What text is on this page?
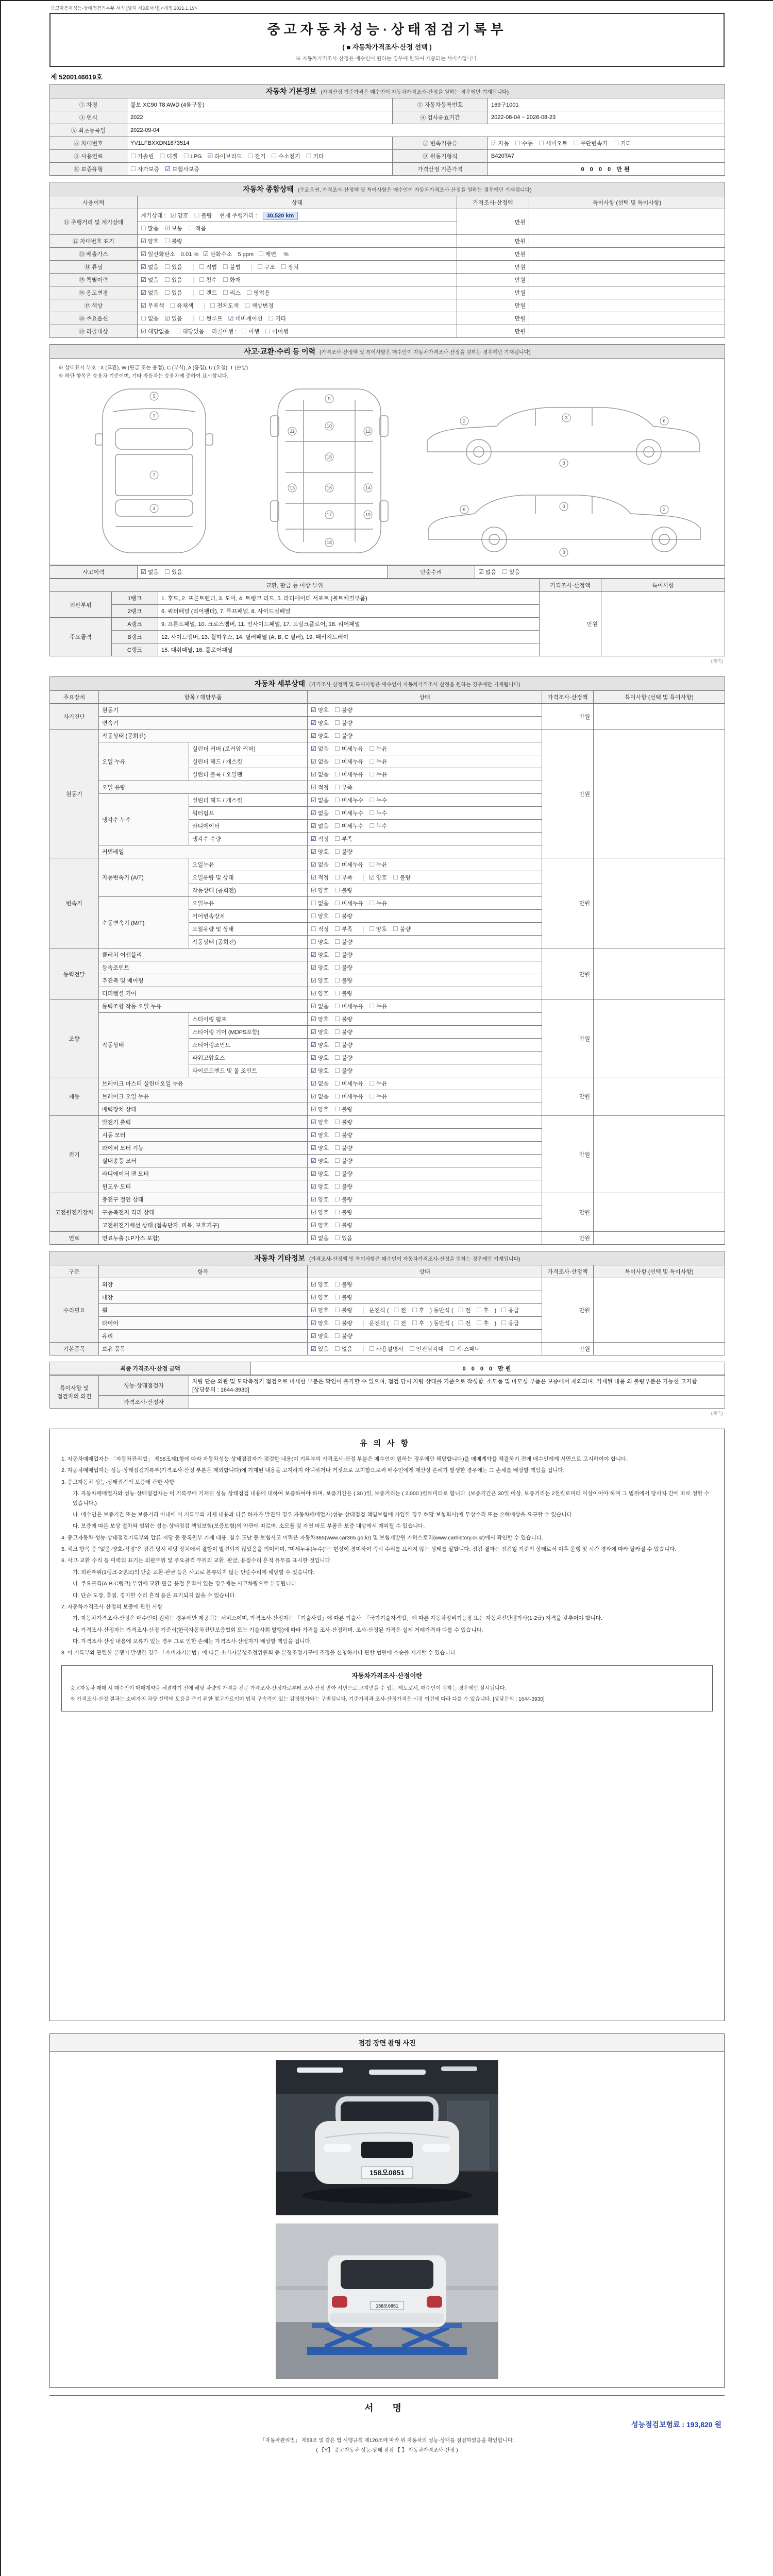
중고자동차성능·상태점검기록부 서식 [별지 제3호서식] <개정 2021.1.19>
중고자동차성능·상태점검기록부
( ■ 자동차가격조사·산정 선택 )
※ 자동차가격조사·산정은 매수인이 원하는 경우에 한하여 제공되는 서비스입니다.
제 5200146619호
자동차 기본정보 (가격산정 기준가격은 매수인이 자동차가격조사·산정을 원하는 경우에만 기재됩니다)			
① 차명	볼보 XC90 T8 AWD (4륜구동)	② 자동차등록번호	169구1001
③ 연식	2022	④ 검사유효기간	2022-08-04 ~ 2026-08-23
⑤ 최초등록일	2022-09-04		
⑥ 차대번호	YV1LFBXXDN1873514	⑦ 변속기종류	☑ 자동 ☐ 수동 ☐ 세미오토 ☐ 무단변속기 ☐ 기타
⑧ 사용연료	☐ 가솔린 ☐ 디젤 ☐ LPG ☑ 하이브리드 ☐ 전기 ☐ 수소전기 ☐ 기타	⑨ 원동기형식	B420TA7
⑩ 보증유형	☐ 자가보증 ☑ 보험사보증	가격산정 기준가격	0 0 0 0 만원
자동차 종합상태 (주요옵션, 가격조사·산정액 및 특이사항은 매수인이 자동차가격조사·산정을 원하는 경우에만 기재됩니다)			
사용이력	상태	가격조사·산정액	특이사항 (선택 및 특이사항)
⑪ 주행거리 및 계기상태	계기상태 : ☑ 양호 ☐ 불량 현재 주행거리 : 30,520 km	만원	
	☐ 많음 ☑ 보통 ☐ 적음		
⑫ 차대번호 표기	☑ 양호 ☐ 불량	만원	
⑬ 배출가스	☑ 일산화탄소 0.01 % ☑ 탄화수소 5 ppm ☐ 매연 %	만원	
⑭ 튜닝	☑ 없음 ☐ 있음 │ ☐ 적법 ☐ 불법 │ ☐ 구조 ☐ 장치	만원	
⑮ 특별이력	☑ 없음 ☐ 있음 │ ☐ 침수 ☐ 화재	만원	
⑯ 용도변경	☑ 없음 ☐ 있음 │ ☐ 렌트 ☐ 리스 ☐ 영업용	만원	
⑰ 색상	☑ 무채색 ☐ 유채색 │ ☐ 전체도색 ☐ 색상변경	만원	
⑱ 주요옵션	☐ 없음 ☑ 있음 │ ☐ 썬루프 ☑ 네비게이션 ☐ 기타	만원	
⑲ 리콜대상	☑ 해당없음 ☐ 해당있음 리콜이행 : ☐ 이행 ☐ 미이행	만원	
사고·교환·수리 등 이력 (가격조사·산정액 및 특이사항은 매수인이 자동차가격조사·산정을 원하는 경우에만 기재됩니다)
※ 상태표시 부호 : X (교환), W (판금 또는 용접), C (부식), A (흠집), U (요철), T (손상)
※ 하단 항목은 승용차 기준이며, 기타 자동차는 승용차에 준하여 표시합니다.
5
1
7
4
9
10
11
15
12
13	16	14
17	19
18
2
3
6
8
6
3
2
8
사고이력	☑ 없음 ☐ 있음	단순수리	☑ 없음 ☐ 있음
교환, 판금 등 이상 부위			가격조사·산정액	특이사항
외판부위	1랭크	1. 후드, 2. 프론트펜더, 3. 도어, 4. 트렁크 리드, 5. 라디에이터 서포트 (볼트체결부품)	만원	
	2랭크	6. 쿼터패널 (리어펜더), 7. 루프패널, 8. 사이드실패널		
주요골격	A랭크	9. 프론트패널, 10. 크로스멤버, 11. 인사이드패널, 17. 트렁크플로어, 18. 리어패널		
	B랭크	12. 사이드멤버, 13. 휠하우스, 14. 필러패널 (A, B, C 필러), 19. 패키지트레이		
	C랭크	15. 대쉬패널, 16. 플로어패널		
(계속)
자동차 세부상태 (가격조사·산정액 및 특이사항은 매수인이 자동차가격조사·산정을 원하는 경우에만 기재됩니다)					
주요장치	항목 / 해당부품		상태	가격조사·산정액	특이사항 (선택 및 특이사항)
자기진단	원동기		☑ 양호 ☐ 불량	만원	
	변속기		☑ 양호 ☐ 불량		
원동기	작동상태 (공회전)		☑ 양호 ☐ 불량	만원	
	오일 누유	실린더 커버 (로커암 커버)	☑ 없음 ☐ 미세누유 ☐ 누유		
		실린더 헤드 / 개스킷	☑ 없음 ☐ 미세누유 ☐ 누유		
		실린더 블록 / 오일팬	☑ 없음 ☐ 미세누유 ☐ 누유		
	오일 유량		☑ 적정 ☐ 부족		
	냉각수 누수	실린더 헤드 / 개스킷	☑ 없음 ☐ 미세누수 ☐ 누수		
		워터펌프	☑ 없음 ☐ 미세누수 ☐ 누수		
		라디에이터	☑ 없음 ☐ 미세누수 ☐ 누수		
		냉각수 수량	☑ 적정 ☐ 부족		
	커먼레일		☑ 양호 ☐ 불량		
변속기	자동변속기 (A/T)	오일누유	☑ 없음 ☐ 미세누유 ☐ 누유	만원	
		오일유량 및 상태	☑ 적정 ☐ 부족 │ ☑ 양호 ☐ 불량		
		작동상태 (공회전)	☑ 양호 ☐ 불량		
	수동변속기 (M/T)	오일누유	☐ 없음 ☐ 미세누유 ☐ 누유		
		기어변속장치	☐ 양호 ☐ 불량		
		오일유량 및 상태	☐ 적정 ☐ 부족 │ ☐ 양호 ☐ 불량		
		작동상태 (공회전)	☐ 양호 ☐ 불량		
동력전달	클러치 어셈블리		☑ 양호 ☐ 불량	만원	
	등속조인트		☑ 양호 ☐ 불량		
	추진축 및 베어링		☑ 양호 ☐ 불량		
	디퍼렌셜 기어		☑ 양호 ☐ 불량		
조향	동력조향 작동 오일 누유		☑ 없음 ☐ 미세누유 ☐ 누유	만원	
	작동상태	스티어링 펌프	☑ 양호 ☐ 불량		
		스티어링 기어 (MDPS포함)	☑ 양호 ☐ 불량		
		스티어링조인트	☑ 양호 ☐ 불량		
		파워고압호스	☑ 양호 ☐ 불량		
		타이로드엔드 및 볼 조인트	☑ 양호 ☐ 불량		
제동	브레이크 마스터 실린더오일 누유		☑ 없음 ☐ 미세누유 ☐ 누유	만원	
	브레이크 오일 누유		☑ 없음 ☐ 미세누유 ☐ 누유		
	배력장치 상태		☑ 양호 ☐ 불량		
전기	발전기 출력		☑ 양호 ☐ 불량	만원	
	시동 모터		☑ 양호 ☐ 불량		
	와이퍼 모터 기능		☑ 양호 ☐ 불량		
	실내송풍 모터		☑ 양호 ☐ 불량		
	라디에이터 팬 모터		☑ 양호 ☐ 불량		
	윈도우 모터		☑ 양호 ☐ 불량		
고전원전기장치	충전구 절연 상태		☑ 양호 ☐ 불량	만원	
	구동축전지 격리 상태		☑ 양호 ☐ 불량		
	고전원전기배선 상태 (접속단자, 피복, 보호기구)		☑ 양호 ☐ 불량		
연료	연료누출 (LP가스 포함)		☑ 없음 ☐ 있음	만원	
자동차 기타정보 (가격조사·산정액 및 특이사항은 매수인이 자동차가격조사·산정을 원하는 경우에만 기재됩니다)				
구분	항목	상태	가격조사·산정액	특이사항 (선택 및 특이사항)
수리필요	외장	☑ 양호 ☐ 불량	만원	
	내장	☑ 양호 ☐ 불량		
	휠	☑ 양호 ☐ 불량 │ 운전석 ( ☐ 전 ☐ 후 ) 동반석 ( ☐ 전 ☐ 후 ) ☐ 응급		
	타이어	☑ 양호 ☐ 불량 │ 운전석 ( ☐ 전 ☐ 후 ) 동반석 ( ☐ 전 ☐ 후 ) ☐ 응급		
	유리	☑ 양호 ☐ 불량		
기본품목	보유 품목	☑ 있음 ☐ 없음 │ ☐ 사용설명서 ☐ 안전삼각대 ☐ 잭·스패너	만원	
최종 가격조사·산정 금액	0 0 0 0 만원
특이사항 및 점검자의 의견	성능·상태점검자	차량 단순 외관 및 도막측정기 점검으로 미세한 부분은 확인이 불가할 수 있으며, 점검 당시 차량 상태를 기준으로 작성함. 소모품 및 마모성 부품은 보증에서 제외되며, 기재된 내용 외 불량부분은 가능한 고지함 [상담문의 : 1644-3930]
	가격조사·산정자	
(계속)
유의사항
1. 자동차매매업자는 「자동차관리법」 제58조제1항에 따라 자동차성능·상태점검자가 점검한 내용(이 기록부의 가격조사·산정 부분은 매수인이 원하는 경우에만 해당합니다)을 매매계약을 체결하기 전에 매수인에게 서면으로 고지하여야 합니다.
2. 자동차매매업자는 성능·상태점검기록부(가격조사·산정 부분은 제외합니다)에 기재된 내용을 고지하지 아니하거나 거짓으로 고지함으로써 매수인에게 재산상 손해가 발생한 경우에는 그 손해를 배상할 책임을 집니다.
3. 중고자동차 성능·상태점검의 보증에 관한 사항
가. 자동차매매업자와 성능·상태점검자는 이 기록부에 기재된 성능·상태점검 내용에 대하여 보증하여야 하며, 보증기간은 ( 30 )일, 보증거리는 ( 2,000 )킬로미터로 합니다. (보증기간은 30일 이상, 보증거리는 2천킬로미터 이상이어야 하며 그 범위에서 당사자 간에 따로 정할 수 있습니다.)
나. 매수인은 보증기간 또는 보증거리 이내에 이 기록부의 기재 내용과 다른 하자가 발견된 경우 자동차매매업자(성능·상태점검 책임보험에 가입한 경우 해당 보험회사)에 무상수리 또는 손해배상을 요구할 수 있습니다.
다. 보증에 따른 보상 절차와 범위는 성능·상태점검 책임보험(보증보험)의 약관에 따르며, 소모품 및 자연 마모 부품은 보증 대상에서 제외될 수 있습니다.
4. 중고자동차 성능·상태점검기록부와 압류·저당 등 등록원부 기재 내용, 침수·도난 등 보험사고 이력은 자동차365(www.car365.go.kr) 및 보험개발원 카히스토리(www.carhistory.or.kr)에서 확인할 수 있습니다.
5. 체크 항목 중 "없음·양호·적정"은 점검 당시 해당 장치에서 결함이 발견되지 않았음을 의미하며, "미세누유(누수)"는 현상이 경미하여 즉시 수리를 요하지 않는 상태를 말합니다. 점검 결과는 점검일 기준의 상태로서 이후 운행 및 시간 경과에 따라 달라질 수 있습니다.
6. 사고·교환·수리 등 이력의 표기는 외판부위 및 주요골격 부위의 교환, 판금, 용접수리 흔적 유무를 표시한 것입니다.
가. 외판부위(1랭크·2랭크)의 단순 교환·판금 등은 사고로 분류되지 않는 단순수리에 해당할 수 있습니다.
나. 주요골격(A·B·C랭크) 부위에 교환·판금·용접 흔적이 있는 경우에는 사고차량으로 분류됩니다.
다. 단순 도장, 흠집, 경미한 수리 흔적 등은 표기되지 않을 수 있습니다.
7. 자동차가격조사·산정의 보증에 관한 사항
가. 자동차가격조사·산정은 매수인이 원하는 경우에만 제공되는 서비스이며, 가격조사·산정자는 「기술사법」에 따른 기술사, 「국가기술자격법」에 따른 자동차정비기능장 또는 자동차진단평가사(1·2급) 자격을 갖추어야 합니다.
나. 가격조사·산정자는 가격조사·산정 기준서(한국자동차진단보증협회 또는 기술사회 발행)에 따라 가격을 조사·산정하며, 조사·산정된 가격은 실제 거래가격과 다를 수 있습니다.
다. 가격조사·산정 내용에 오류가 있는 경우 그로 인한 손해는 가격조사·산정자가 배상할 책임을 집니다.
8. 이 기록부와 관련한 분쟁이 발생한 경우 「소비자기본법」에 따른 소비자분쟁조정위원회 등 분쟁조정기구에 조정을 신청하거나 관할 법원에 소송을 제기할 수 있습니다.
자동차가격조사·산정이란
중고자동차 매매 시 매수인이 매매계약을 체결하기 전에 해당 차량의 가격을 전문 가격조사·산정자로부터 조사·산정 받아 서면으로 고지받을 수 있는 제도로서, 매수인이 원하는 경우에만 실시됩니다.
※ 가격조사·산정 결과는 소비자의 차량 선택에 도움을 주기 위한 참고자료이며 법적 구속력이 있는 감정평가와는 구별됩니다. 기준가격과 조사·산정가격은 시장 여건에 따라 다를 수 있습니다. [상담문의 : 1644-3930]
점검 장면 촬영 사진
158오0851
158오0851
서 명
성능점검보험료 : 193,820 원
「자동차관리법」 제58조 및 같은 법 시행규칙 제120조에 따라 위 자동차의 성능·상태를 점검하였음을 확인합니다.
( 【Y】 중고자동차 성능·상태 점검 【 】 자동차가격조사·산정 )
